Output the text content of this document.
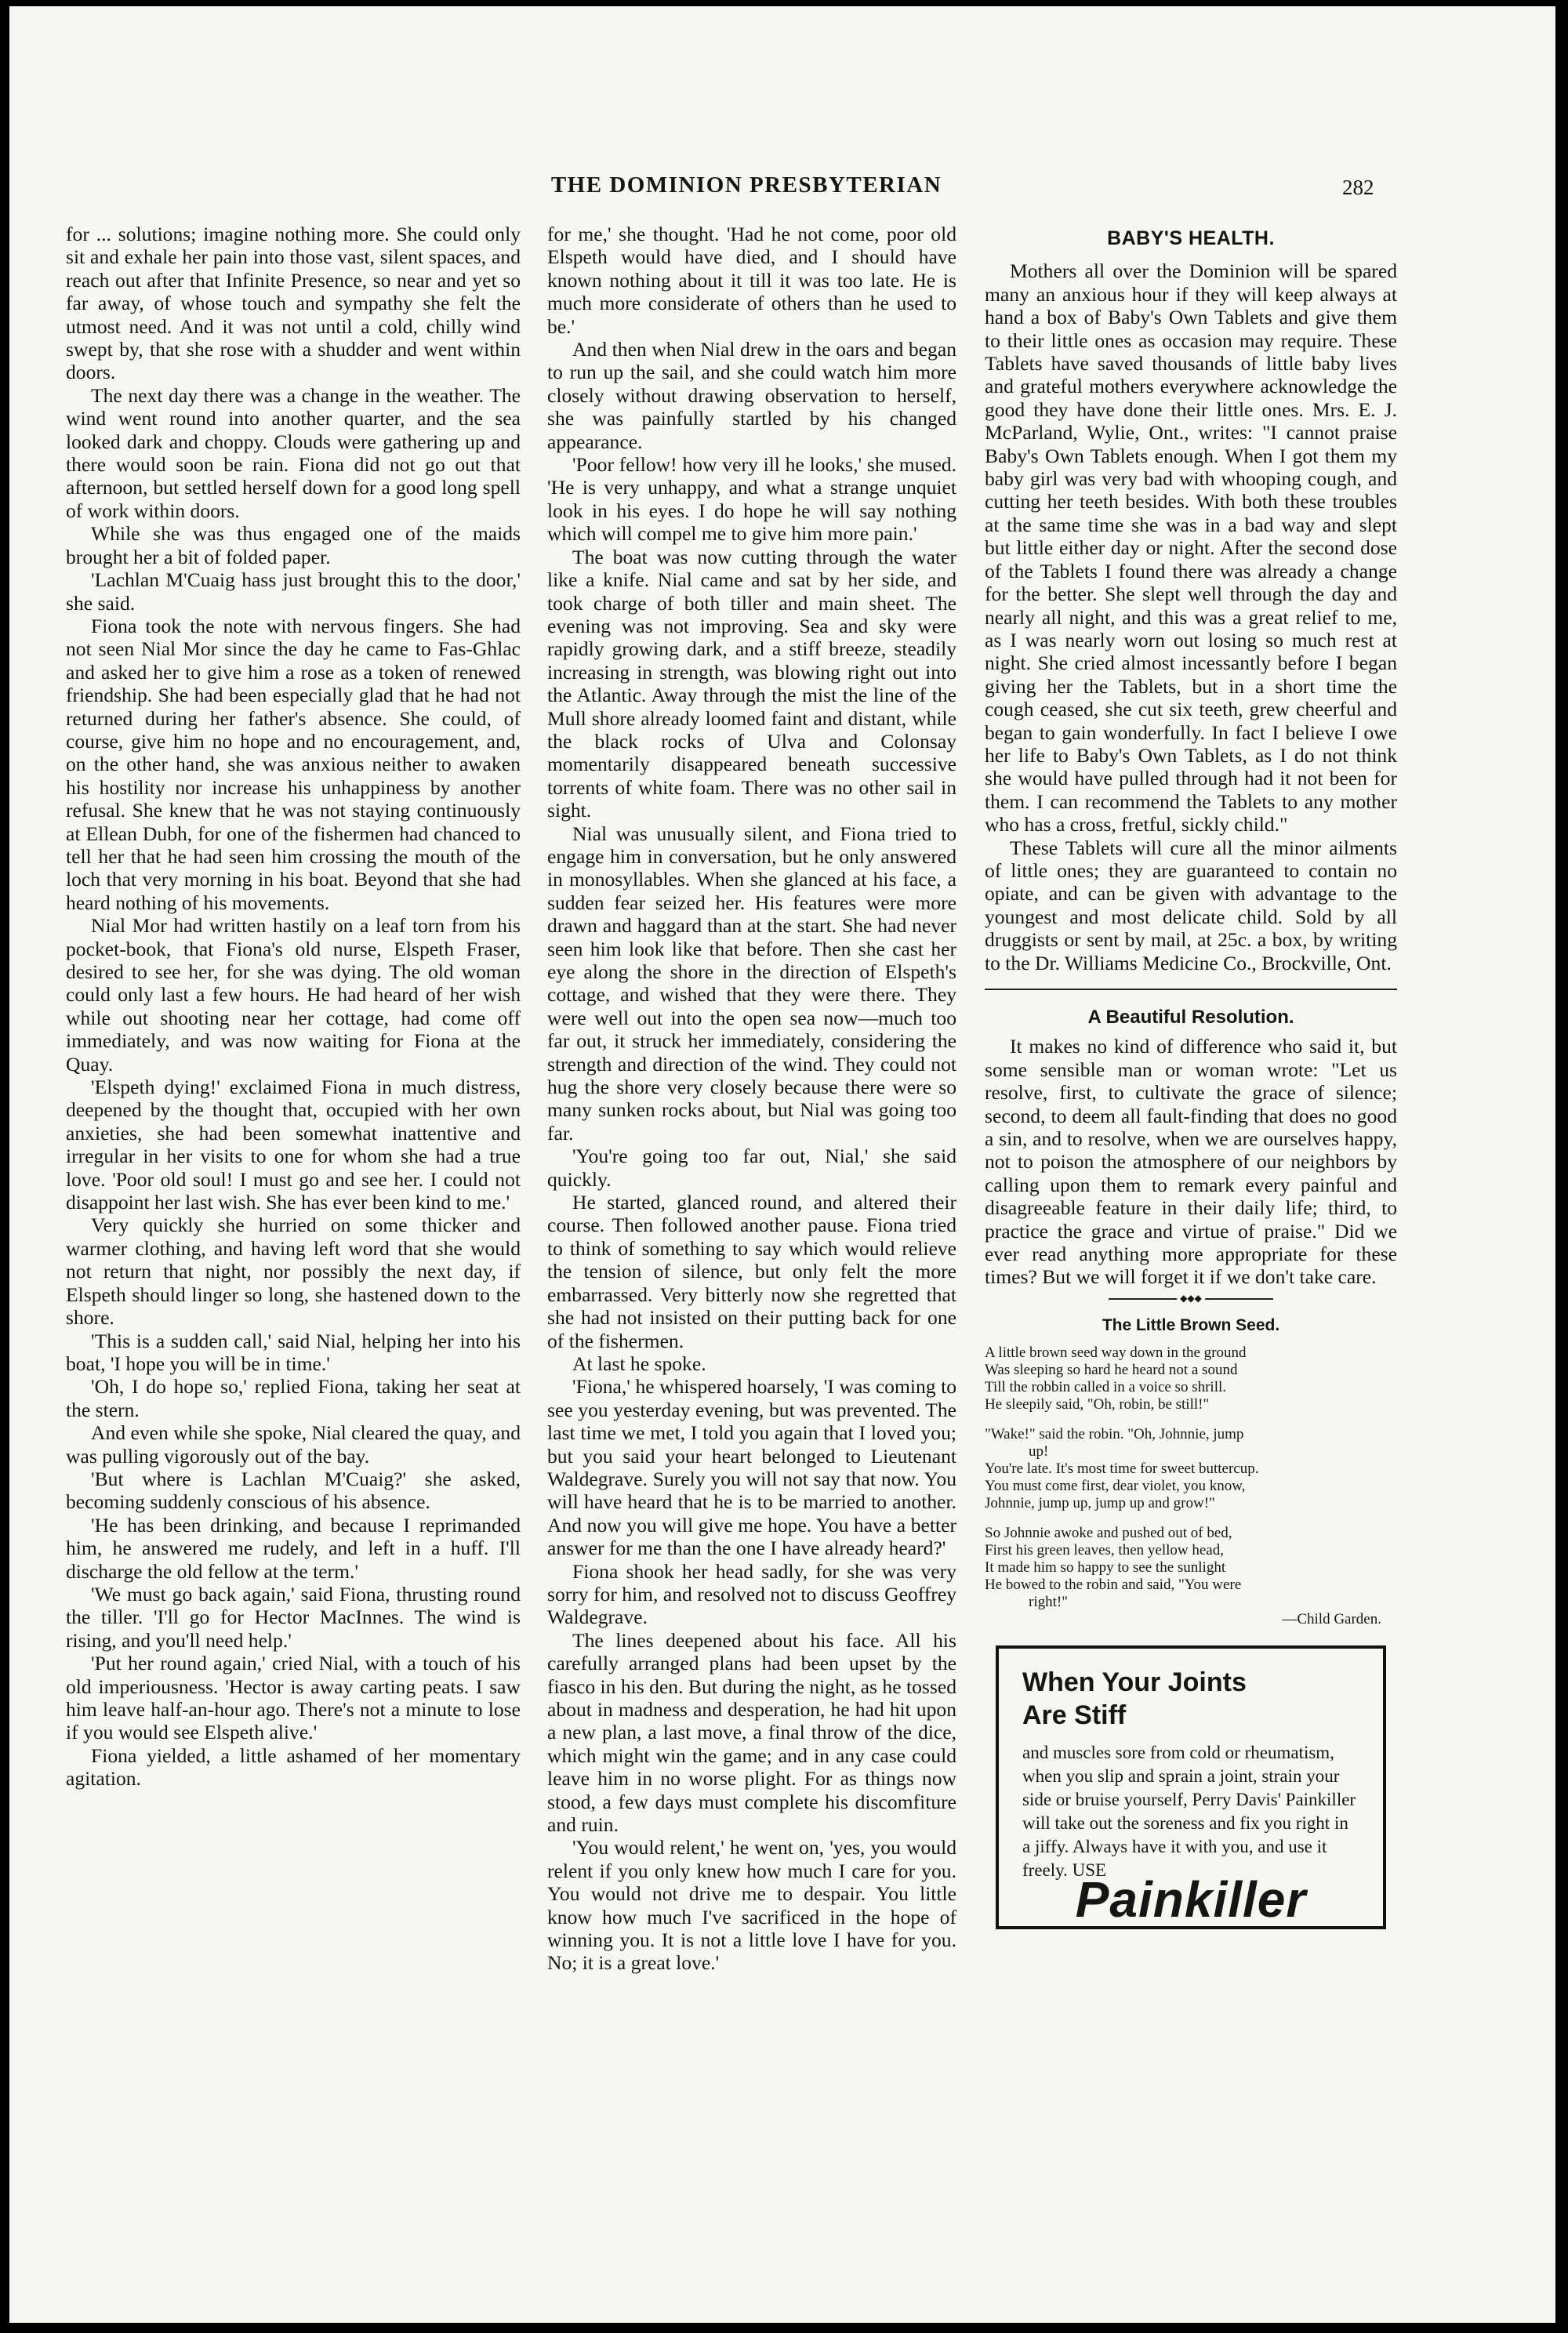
THE DOMINION PRESBYTERIAN	282

for ... solutions; imagine nothing more. She could only sit and exhale her pain into those vast, silent spaces, and reach out after that Infinite Presence, so near and yet so far away, of whose touch and sympathy she felt the utmost need. And it was not until a cold, chilly wind swept by, that she rose with a shudder and went within doors.

The next day there was a change in the weather. The wind went round into another quarter, and the sea looked dark and choppy. Clouds were gathering up and there would soon be rain. Fiona did not go out that afternoon, but settled herself down for a good long spell of work within doors.

While she was thus engaged one of the maids brought her a bit of folded paper.

'Lachlan M'Cuaig hass just brought this to the door,' she said.

Fiona took the note with nervous fingers. She had not seen Nial Mor since the day he came to Fas-Ghlac and asked her to give him a rose as a token of renewed friendship. She had been especially glad that he had not returned during her father's absence. She could, of course, give him no hope and no encouragement, and, on the other hand, she was anxious neither to awaken his hostility nor increase his unhappiness by another refusal. She knew that he was not staying continuously at Ellean Dubh, for one of the fishermen had chanced to tell her that he had seen him crossing the mouth of the loch that very morning in his boat. Beyond that she had heard nothing of his movements.

Nial Mor had written hastily on a leaf torn from his pocket-book, that Fiona's old nurse, Elspeth Fraser, desired to see her, for she was dying. The old woman could only last a few hours. He had heard of her wish while out shooting near her cottage, had come off immediately, and was now waiting for Fiona at the Quay.

'Elspeth dying!' exclaimed Fiona in much distress, deepened by the thought that, occupied with her own anxieties, she had been somewhat inattentive and irregular in her visits to one for whom she had a true love. 'Poor old soul! I must go and see her. I could not disappoint her last wish. She has ever been kind to me.'

Very quickly she hurried on some thicker and warmer clothing, and having left word that she would not return that night, nor possibly the next day, if Elspeth should linger so long, she hastened down to the shore.

'This is a sudden call,' said Nial, helping her into his boat, 'I hope you will be in time.'

'Oh, I do hope so,' replied Fiona, taking her seat at the stern.

And even while she spoke, Nial cleared the quay, and was pulling vigorously out of the bay.

'But where is Lachlan M'Cuaig?' she asked, becoming suddenly conscious of his absence.

'He has been drinking, and because I reprimanded him, he answered me rudely, and left in a huff. I'll discharge the old fellow at the term.'

'We must go back again,' said Fiona, thrusting round the tiller. 'I'll go for Hector MacInnes. The wind is rising, and you'll need help.'

'Put her round again,' cried Nial, with a touch of his old imperiousness. 'Hector is away carting peats. I saw him leave half-an-hour ago. There's not a minute to lose if you would see Elspeth alive.'

Fiona yielded, a little ashamed of her momentary agitation.

for me,' she thought. 'Had he not come, poor old Elspeth would have died, and I should have known nothing about it till it was too late. He is much more considerate of others than he used to be.'

And then when Nial drew in the oars and began to run up the sail, and she could watch him more closely without drawing observation to herself, she was painfully startled by his changed appearance.

'Poor fellow! how very ill he looks,' she mused. 'He is very unhappy, and what a strange unquiet look in his eyes. I do hope he will say nothing which will compel me to give him more pain.'

The boat was now cutting through the water like a knife. Nial came and sat by her side, and took charge of both tiller and main sheet. The evening was not improving. Sea and sky were rapidly growing dark, and a stiff breeze, steadily increasing in strength, was blowing right out into the Atlantic. Away through the mist the line of the Mull shore already loomed faint and distant, while the black rocks of Ulva and Colonsay momentarily disappeared beneath successive torrents of white foam. There was no other sail in sight.

Nial was unusually silent, and Fiona tried to engage him in conversation, but he only answered in monosyllables. When she glanced at his face, a sudden fear seized her. His features were more drawn and haggard than at the start. She had never seen him look like that before. Then she cast her eye along the shore in the direction of Elspeth's cottage, and wished that they were there. They were well out into the open sea now—much too far out, it struck her immediately, considering the strength and direction of the wind. They could not hug the shore very closely because there were so many sunken rocks about, but Nial was going too far.

'You're going too far out, Nial,' she said quickly.

He started, glanced round, and altered their course. Then followed another pause. Fiona tried to think of something to say which would relieve the tension of silence, but only felt the more embarrassed. Very bitterly now she regretted that she had not insisted on their putting back for one of the fishermen.

At last he spoke.

'Fiona,' he whispered hoarsely, 'I was coming to see you yesterday evening, but was prevented. The last time we met, I told you again that I loved you; but you said your heart belonged to Lieutenant Waldegrave. Surely you will not say that now. You will have heard that he is to be married to another. And now you will give me hope. You have a better answer for me than the one I have already heard?'

Fiona shook her head sadly, for she was very sorry for him, and resolved not to discuss Geoffrey Waldegrave.

The lines deepened about his face. All his carefully arranged plans had been upset by the fiasco in his den. But during the night, as he tossed about in madness and desperation, he had hit upon a new plan, a last move, a final throw of the dice, which might win the game; and in any case could leave him in no worse plight. For as things now stood, a few days must complete his discomfiture and ruin.

'You would relent,' he went on, 'yes, you would relent if you only knew how much I care for you. You would not drive me to despair. You little know how much I've sacrificed in the hope of winning you. It is not a little love I have for you. No; it is a great love.'

BABY'S HEALTH.

Mothers all over the Dominion will be spared many an anxious hour if they will keep always at hand a box of Baby's Own Tablets and give them to their little ones as occasion may require. These Tablets have saved thousands of little baby lives and grateful mothers everywhere acknowledge the good they have done their little ones. Mrs. E. J. McParland, Wylie, Ont., writes: "I cannot praise Baby's Own Tablets enough. When I got them my baby girl was very bad with whooping cough, and cutting her teeth besides. With both these troubles at the same time she was in a bad way and slept but little either day or night. After the second dose of the Tablets I found there was already a change for the better. She slept well through the day and nearly all night, and this was a great relief to me, as I was nearly worn out losing so much rest at night. She cried almost incessantly before I began giving her the Tablets, but in a short time the cough ceased, she cut six teeth, grew cheerful and began to gain wonderfully. In fact I believe I owe her life to Baby's Own Tablets, as I do not think she would have pulled through had it not been for them. I can recommend the Tablets to any mother who has a cross, fretful, sickly child."

These Tablets will cure all the minor ailments of little ones; they are guaranteed to contain no opiate, and can be given with advantage to the youngest and most delicate child. Sold by all druggists or sent by mail, at 25c. a box, by writing to the Dr. Williams Medicine Co., Brockville, Ont.

A Beautiful Resolution.

It makes no kind of difference who said it, but some sensible man or woman wrote: "Let us resolve, first, to cultivate the grace of silence; second, to deem all fault-finding that does no good a sin, and to resolve, when we are ourselves happy, not to poison the atmosphere of our neighbors by calling upon them to remark every painful and disagreeable feature in their daily life; third, to practice the grace and virtue of praise." Did we ever read anything more appropriate for these times? But we will forget it if we don't take care.

◆◆◆
The Little Brown Seed.
A little brown seed way down in the ground
Was sleeping so hard he heard not a sound
Till the robbin called in a voice so shrill.
He sleepily said, "Oh, robin, be still!"
"Wake!" said the robin. "Oh, Johnnie, jump
up!
You're late. It's most time for sweet buttercup.
You must come first, dear violet, you know,
Johnnie, jump up, jump up and grow!"
So Johnnie awoke and pushed out of bed,
First his green leaves, then yellow head,
It made him so happy to see the sunlight
He bowed to the robin and said, "You were
right!"
—Child Garden.
When Your Joints
Are Stiff
and muscles sore from cold or rheumatism, when you slip and sprain a joint, strain your side or bruise yourself, Perry Davis' Painkiller will take out the soreness and fix you right in a jiffy. Always have it with you, and use it freely. USE
Painkiller
